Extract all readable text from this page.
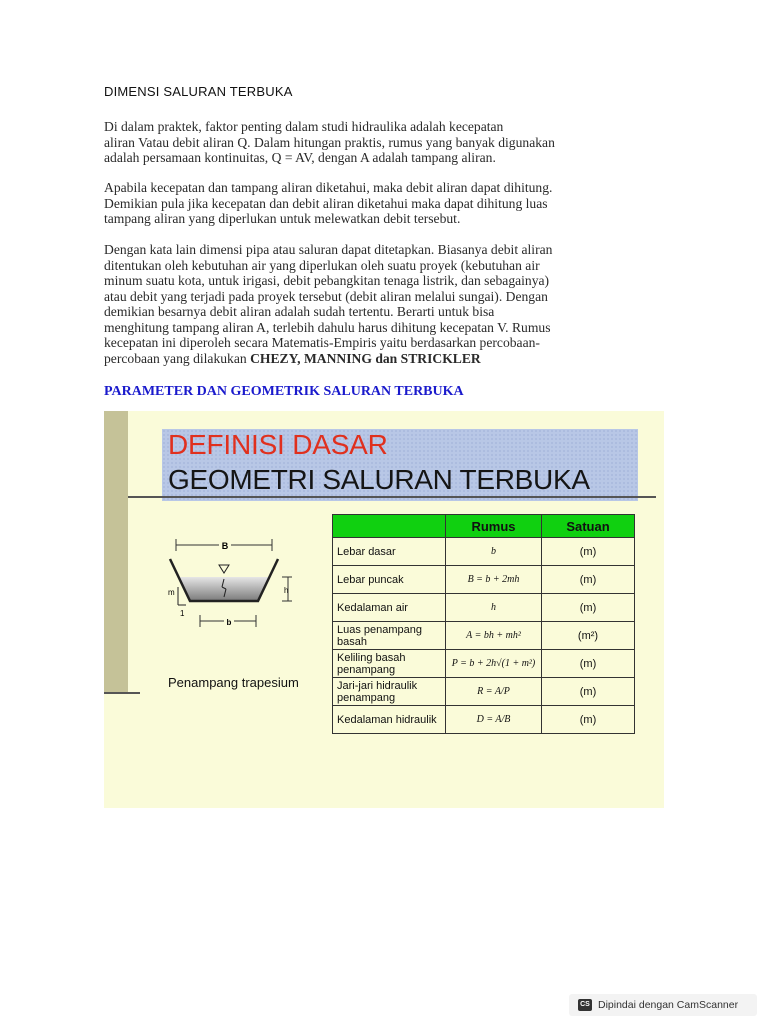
DIMENSI SALURAN TERBUKA

Di dalam praktek, faktor penting dalam studi hidraulika adalah kecepatan
aliran Vatau debit aliran Q. Dalam hitungan praktis, rumus yang banyak digunakan
adalah persamaan kontinuitas, Q = AV, dengan A adalah tampang aliran.

Apabila kecepatan dan tampang aliran diketahui, maka debit aliran dapat dihitung.
Demikian pula jika kecepatan dan debit aliran diketahui maka dapat dihitung luas
tampang aliran yang diperlukan untuk melewatkan debit tersebut.

Dengan kata lain dimensi pipa atau saluran dapat ditetapkan. Biasanya debit aliran
ditentukan oleh kebutuhan air yang diperlukan oleh suatu proyek (kebutuhan air
minum suatu kota, untuk irigasi, debit pebangkitan tenaga listrik, dan sebagainya)
atau debit yang terjadi pada proyek tersebut (debit aliran melalui sungai). Dengan
demikian besarnya debit aliran adalah sudah tertentu. Berarti untuk bisa
menghitung tampang aliran A, terlebih dahulu harus dihitung kecepatan V. Rumus
kecepatan ini diperoleh secara Matematis-Empiris yaitu berdasarkan percobaan-
percobaan yang dilakukan CHEZY, MANNING dan STRICKLER

PARAMETER DAN GEOMETRIK SALURAN TERBUKA
DEFINISI DASAR
GEOMETRI SALURAN TERBUKA
B
h
m
1
b
Penampang trapesium
	Rumus	Satuan
Lebar dasar	b	(m)
Lebar puncak	B = b + 2mh	(m)
Kedalaman air	h	(m)
Luas penampang basah	A = bh + mh²	(m²)
Keliling basah penampang	P = b + 2h√(1 + m²)	(m)
Jari-jari hidraulik penampang	R = A/P	(m)
Kedalaman hidraulik	D = A/B	(m)
CS Dipindai dengan CamScanner
